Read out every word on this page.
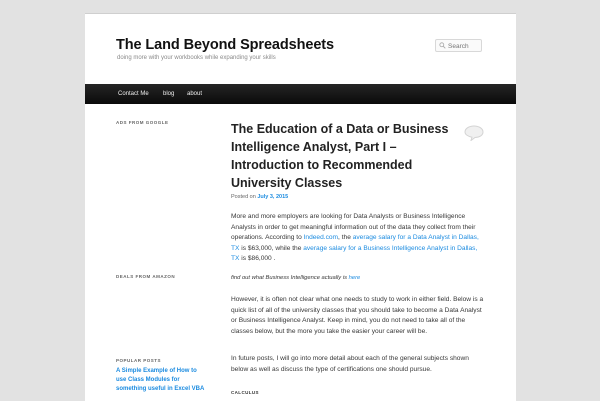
The Land Beyond Spreadsheets
doing more with your workbooks while expanding your skills
Search
Contact Me blog about
ADS FROM GOOGLE
DEALS FROM AMAZON
POPULAR POSTS
A Simple Example of How to use Class Modules for something useful in Excel VBA
The Education of a Data or Business Intelligence Analyst, Part I – Introduction to Recommended University Classes
Posted on July 3, 2015

More and more employers are looking for Data Analysts or Business Intelligence Analysts in order to get meaningful information out of the data they collect from their operations. According to Indeed.com, the average salary for a Data Analyst in Dallas, TX is $63,000, while the average salary for a Business Intelligence Analyst in Dallas, TX is $86,000 .

find out what Business Intelligence actually is here

However, it is often not clear what one needs to study to work in either field. Below is a quick list of all of the university classes that you should take to become a Data Analyst or Business Intelligence Analyst. Keep in mind, you do not need to take all of the classes below, but the more you take the easier your career will be.

In future posts, I will go into more detail about each of the general subjects shown below as well as discuss the type of certifications one should pursue.

CALCULUS
